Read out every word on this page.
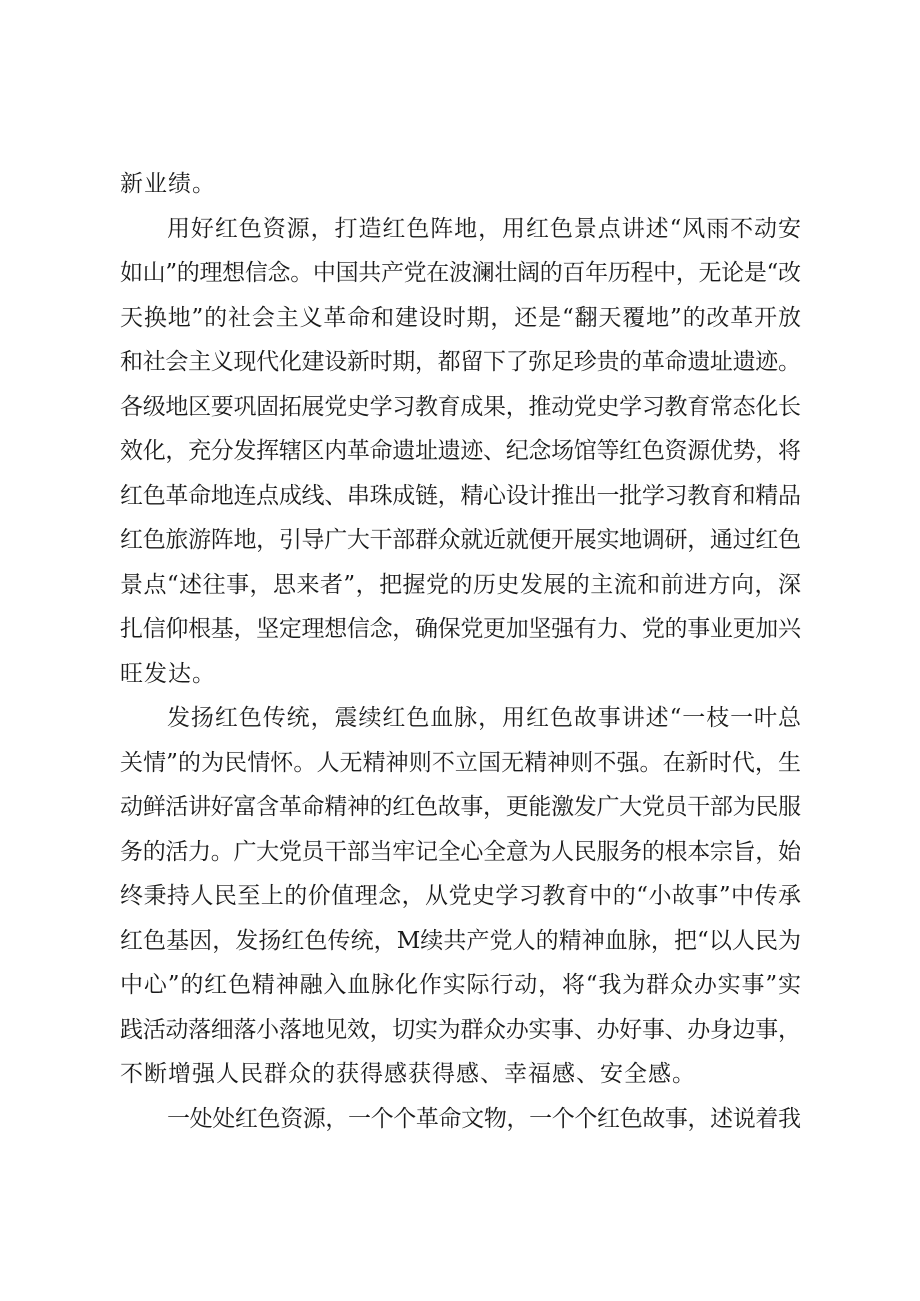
新业绩。
用好红色资源，打造红色阵地，用红色景点讲述“风雨不动安
如山”的理想信念。中国共产党在波澜壮阔的百年历程中，无论是“改
天换地”的社会主义革命和建设时期，还是“翻天覆地”的改革开放
和社会主义现代化建设新时期，都留下了弥足珍贵的革命遗址遗迹。
各级地区要巩固拓展党史学习教育成果，推动党史学习教育常态化长
效化，充分发挥辖区内革命遗址遗迹、纪念场馆等红色资源优势，将
红色革命地连点成线、串珠成链，精心设计推出一批学习教育和精品
红色旅游阵地，引导广大干部群众就近就便开展实地调研，通过红色
景点“述往事，思来者”，把握党的历史发展的主流和前进方向，深
扎信仰根基，坚定理想信念，确保党更加坚强有力、党的事业更加兴
旺发达。
发扬红色传统，震续红色血脉，用红色故事讲述“一枝一叶总
关情”的为民情怀。人无精神则不立国无精神则不强。在新时代，生
动鲜活讲好富含革命精神的红色故事，更能激发广大党员干部为民服
务的活力。广大党员干部当牢记全心全意为人民服务的根本宗旨，始
终秉持人民至上的价值理念，从党史学习教育中的“小故事”中传承
红色基因，发扬红色传统，M续共产党人的精神血脉，把“以人民为
中心”的红色精神融入血脉化作实际行动，将“我为群众办实事”实
践活动落细落小落地见效，切实为群众办实事、办好事、办身边事，
不断增强人民群众的获得感获得感、幸福感、安全感。
一处处红色资源，一个个革命文物，一个个红色故事，述说着我
